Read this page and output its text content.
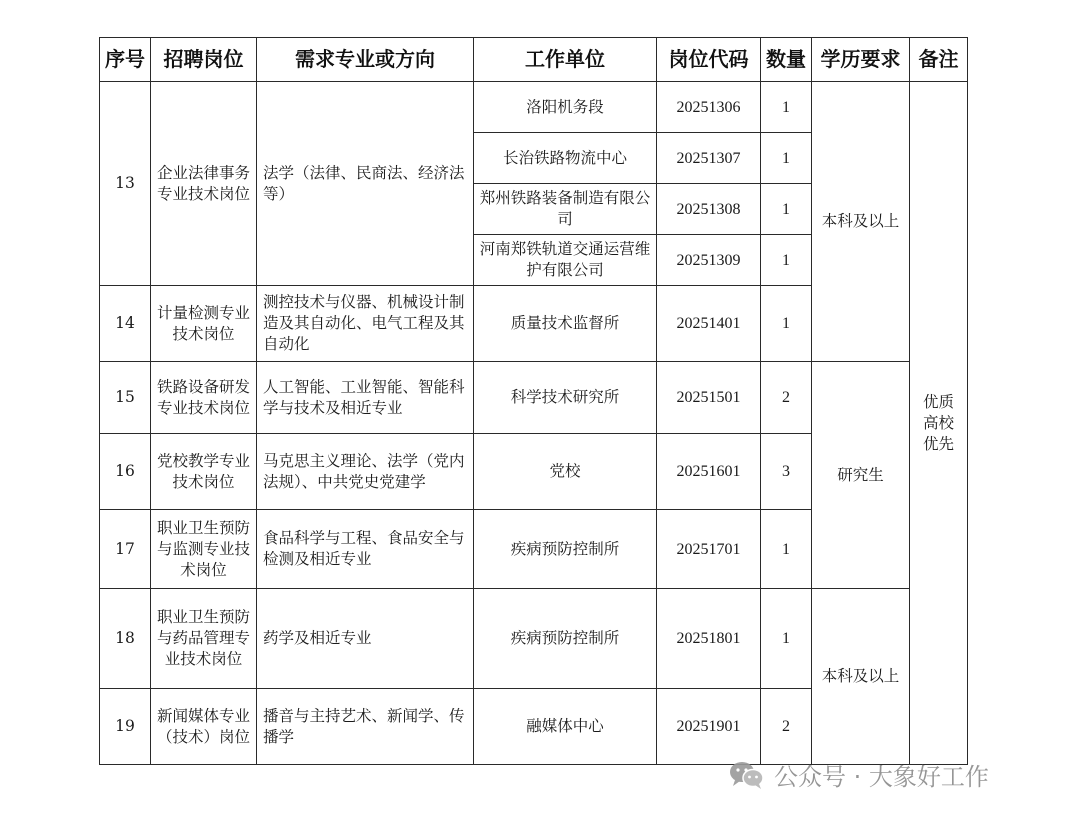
序号	招聘岗位	需求专业或方向	工作单位	岗位代码	数量	学历要求	备注
13	企业法律事务专业技术岗位	法学（法律、民商法、经济法等）	洛阳机务段	20251306	1	本科及以上	优质高校优先
			长治铁路物流中心	20251307	1		
			郑州铁路装备制造有限公司	20251308	1		
			河南郑铁轨道交通运营维护有限公司	20251309	1		
14	计量检测专业技术岗位	测控技术与仪器、机械设计制造及其自动化、电气工程及其自动化	质量技术监督所	20251401	1		
15	铁路设备研发专业技术岗位	人工智能、工业智能、智能科学与技术及相近专业	科学技术研究所	20251501	2	研究生	
16	党校教学专业技术岗位	马克思主义理论、法学（党内法规）、中共党史党建学	党校	20251601	3		
17	职业卫生预防与监测专业技术岗位	食品科学与工程、食品安全与检测及相近专业	疾病预防控制所	20251701	1		
18	职业卫生预防与药品管理专业技术岗位	药学及相近专业	疾病预防控制所	20251801	1	本科及以上	
19	新闻媒体专业（技术）岗位	播音与主持艺术、新闻学、传播学	融媒体中心	20251901	2		
公众号 · 大象好工作
